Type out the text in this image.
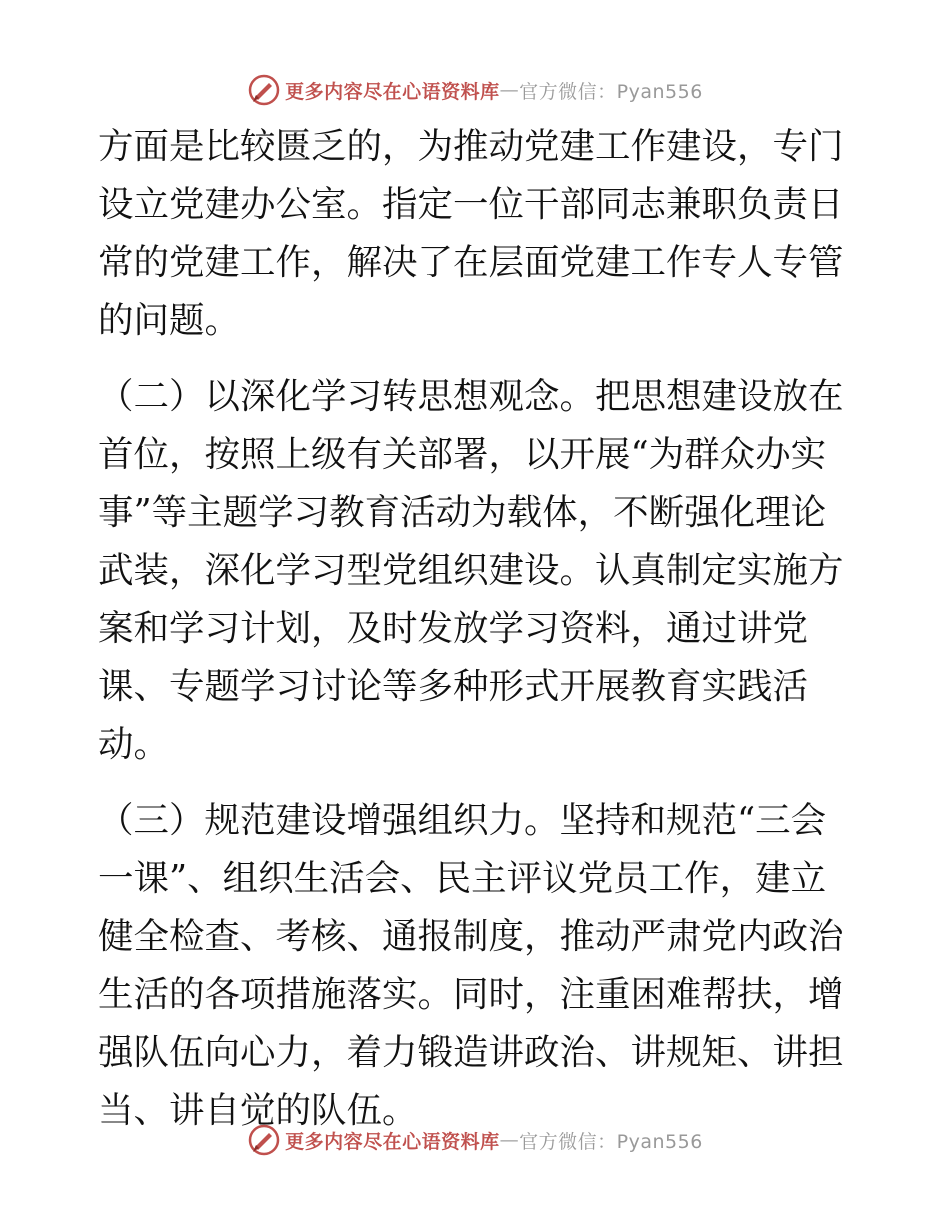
更多内容尽在心语资料库 — 官方微信：Pyan556

方面是比较匮乏的，为推动党建工作建设，专门设立党建办公室。指定一位干部同志兼职负责日常的党建工作，解决了在层面党建工作专人专管的问题。

（二）以深化学习转思想观念。把思想建设放在首位，按照上级有关部署，以开展“为群众办实事”等主题学习教育活动为载体，不断强化理论武装，深化学习型党组织建设。认真制定实施方案和学习计划，及时发放学习资料，通过讲党课、专题学习讨论等多种形式开展教育实践活动。

（三）规范建设增强组织力。坚持和规范“三会一课”、组织生活会、民主评议党员工作，建立健全检查、考核、通报制度，推动严肃党内政治生活的各项措施落实。同时，注重困难帮扶，增强队伍向心力，着力锻造讲政治、讲规矩、讲担当、讲自觉的队伍。

更多内容尽在心语资料库 — 官方微信：Pyan556
